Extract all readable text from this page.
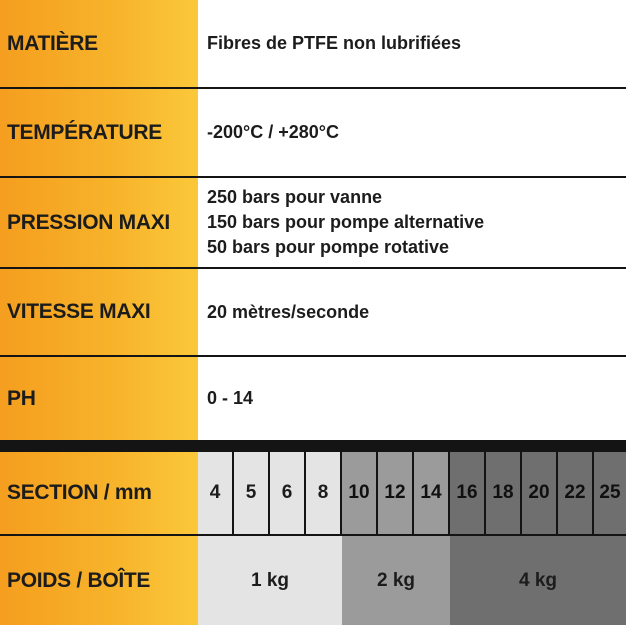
MATIÈRE	Fibres de PTFE non lubrifiées
TEMPÉRATURE	-200°C / +280°C
PRESSION MAXI
250 bars pour vanne
150 bars pour pompe alternative
50 bars pour pompe rotative
VITESSE MAXI	20 mètres/seconde
PH	0 - 14
SECTION / mm	4	5	6	8	10 12 14 16 18 20 22 25
POIDS / BOÎTE	1 kg	2 kg	4 kg
